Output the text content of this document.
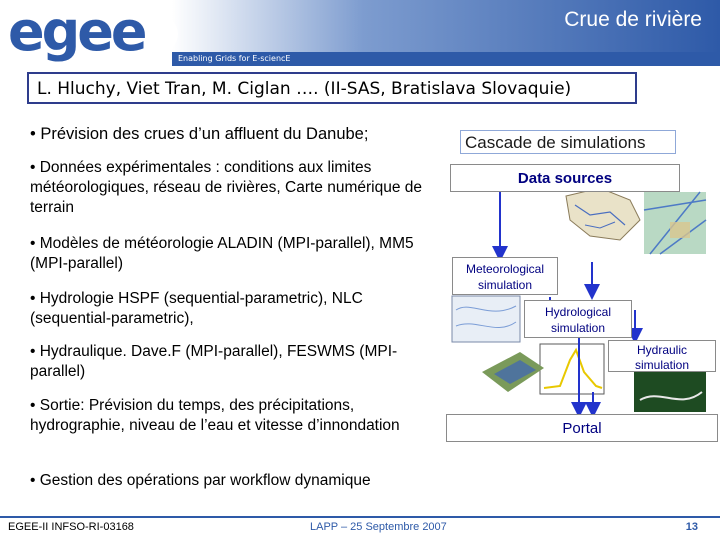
egee	Enabling Grids for E-sciencE
Crue de rivière
L. Hluchy, Viet Tran, M. Ciglan …. (II-SAS, Bratislava Slovaquie)
• Prévision des crues d’un affluent du Danube;
• Données expérimentales : conditions aux limites météorologiques, réseau de rivières, Carte numérique de terrain
• Modèles de météorologie ALADIN (MPI-parallel), MM5 (MPI-parallel)
• Hydrologie HSPF (sequential-parametric), NLC (sequential-parametric),
• Hydraulique. Dave.F (MPI-parallel), FESWMS (MPI-parallel)
• Sortie: Prévision du temps, des précipitations, hydrographie, niveau de l’eau et vitesse d’innondation
• Gestion des opérations par workflow dynamique
Cascade de simulations
Data sources
Meteorological simulation
Hydrological simulation
Hydraulic simulation
Portal
EGEE-II INFSO-RI-03168	LAPP – 25 Septembre 2007	13
